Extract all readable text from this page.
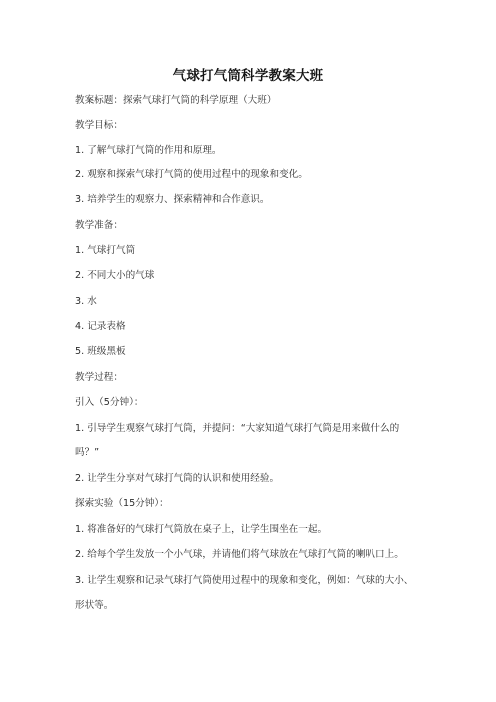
气球打气筒科学教案大班
教案标题：探索气球打气筒的科学原理（大班）
教学目标：
1. 了解气球打气筒的作用和原理。
2. 观察和探索气球打气筒的使用过程中的现象和变化。
3. 培养学生的观察力、探索精神和合作意识。
教学准备：
1. 气球打气筒
2. 不同大小的气球
3. 水
4. 记录表格
5. 班级黑板
教学过程：
引入（5分钟）：
1. 引导学生观察气球打气筒，并提问：“大家知道气球打气筒是用来做什么的
吗？”
2. 让学生分享对气球打气筒的认识和使用经验。
探索实验（15分钟）：
1. 将准备好的气球打气筒放在桌子上，让学生围坐在一起。
2. 给每个学生发放一个小气球，并请他们将气球放在气球打气筒的喇叭口上。
3. 让学生观察和记录气球打气筒使用过程中的现象和变化，例如：气球的大小、
形状等。
